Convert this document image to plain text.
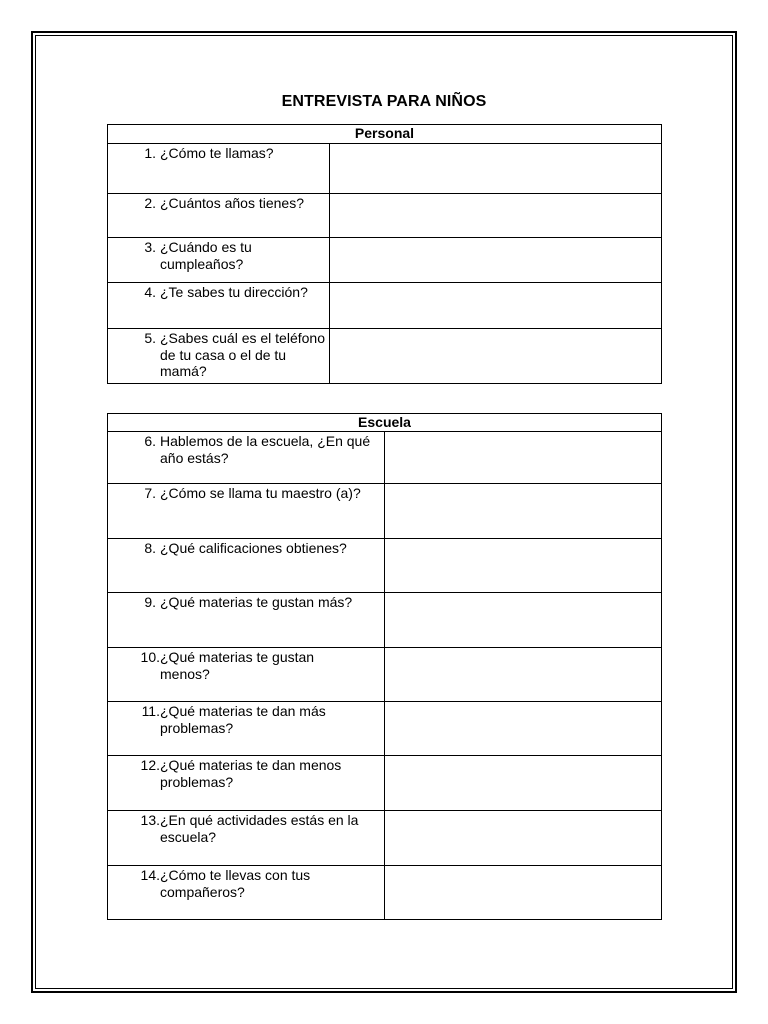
ENTREVISTA PARA NIÑOS
Personal	

1. ¿Cómo te llamas?	

2. ¿Cuántos años tienes?	

3. ¿Cuándo es tu cumpleaños?	

4. ¿Te sabes tu dirección?	

5. ¿Sabes cuál es el teléfono de tu casa o el de tu mamá?	

Escuela	

6. Hablemos de la escuela, ¿En qué año estás?	

7. ¿Cómo se llama tu maestro (a)?	

8. ¿Qué calificaciones obtienes?	

9. ¿Qué materias te gustan más?	

10. ¿Qué materias te gustan menos?	

11. ¿Qué materias te dan más problemas?	

12. ¿Qué materias te dan menos problemas?	

13. ¿En qué actividades estás en la escuela?	

14. ¿Cómo te llevas con tus compañeros?	
